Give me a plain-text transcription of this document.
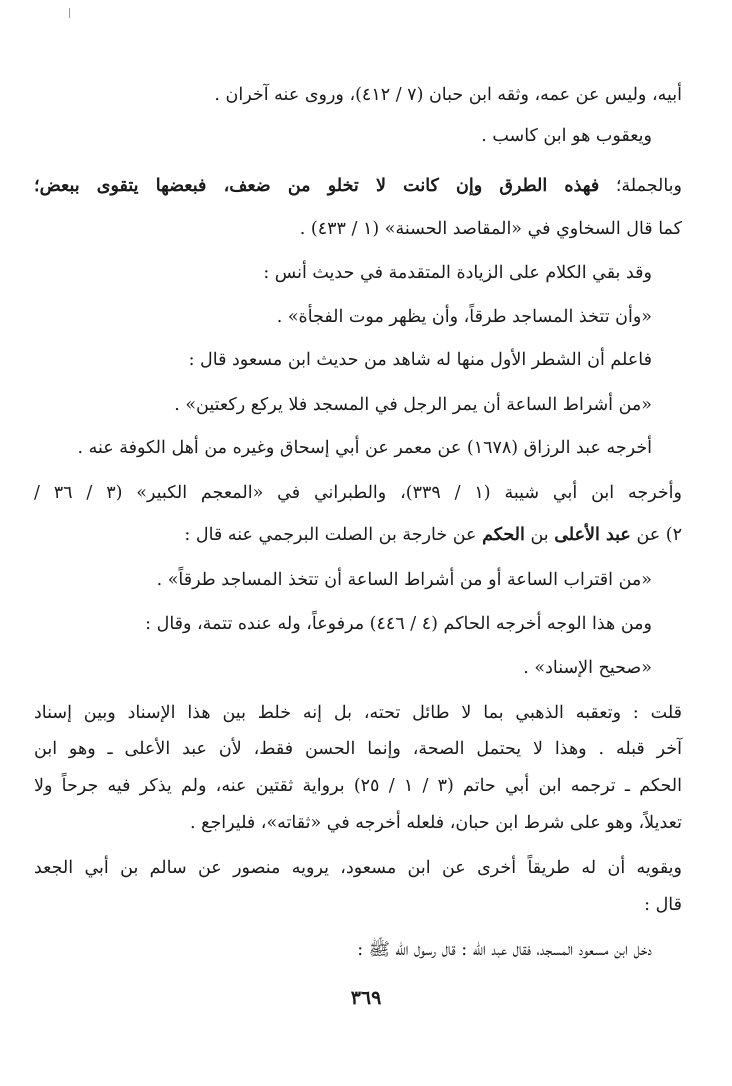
أبيه، وليس عن عمه، وثقه ابن حبان (٧ / ٤١٢)، وروى عنه آخران .
ويعقوب هو ابن كاسب .
وبالجملة؛ فهذه الطرق وإن كانت لا تخلو من ضعف، فبعضها يتقوى ببعض؛
كما قال السخاوي في «المقاصد الحسنة» (١ / ٤٣٣) .
وقد بقي الكلام على الزيادة المتقدمة في حديث أنس :
«وأن تتخذ المساجد طرقاً، وأن يظهر موت الفجأة» .
فاعلم أن الشطر الأول منها له شاهد من حديث ابن مسعود قال :
«من أشراط الساعة أن يمر الرجل في المسجد فلا يركع ركعتين» .
أخرجه عبد الرزاق (١٦٧٨) عن معمر عن أبي إسحاق وغيره من أهل الكوفة عنه .
وأخرجه ابن أبي شيبة (١ / ٣٣٩)، والطبراني في «المعجم الكبير» (٣ / ٣٦ /
٢) عن عبد الأعلى بن الحكم عن خارجة بن الصلت البرجمي عنه قال :
«من اقتراب الساعة أو من أشراط الساعة أن تتخذ المساجد طرقاً» .
ومن هذا الوجه أخرجه الحاكم (٤ / ٤٤٦) مرفوعاً، وله عنده تتمة، وقال :
«صحيح الإسناد» .
قلت : وتعقبه الذهبي بما لا طائل تحته، بل إنه خلط بين هذا الإسناد وبين إسناد
آخر قبله . وهذا لا يحتمل الصحة، وإنما الحسن فقط، لأن عبد الأعلى ـ وهو ابن
الحكم ـ ترجمه ابن أبي حاتم (٣ / ١ / ٢٥) برواية ثقتين عنه، ولم يذكر فيه جرحاً ولا
تعديلاً، وهو على شرط ابن حبان، فلعله أخرجه في «ثقاته»، فليراجع .
ويقويه أن له طريقاً أخرى عن ابن مسعود، يرويه منصور عن سالم بن أبي الجعد
قال :
دخل ابن مسعود المسجد، فقال عبد الله : قال رسول الله ﷺ :
٣٦٩
